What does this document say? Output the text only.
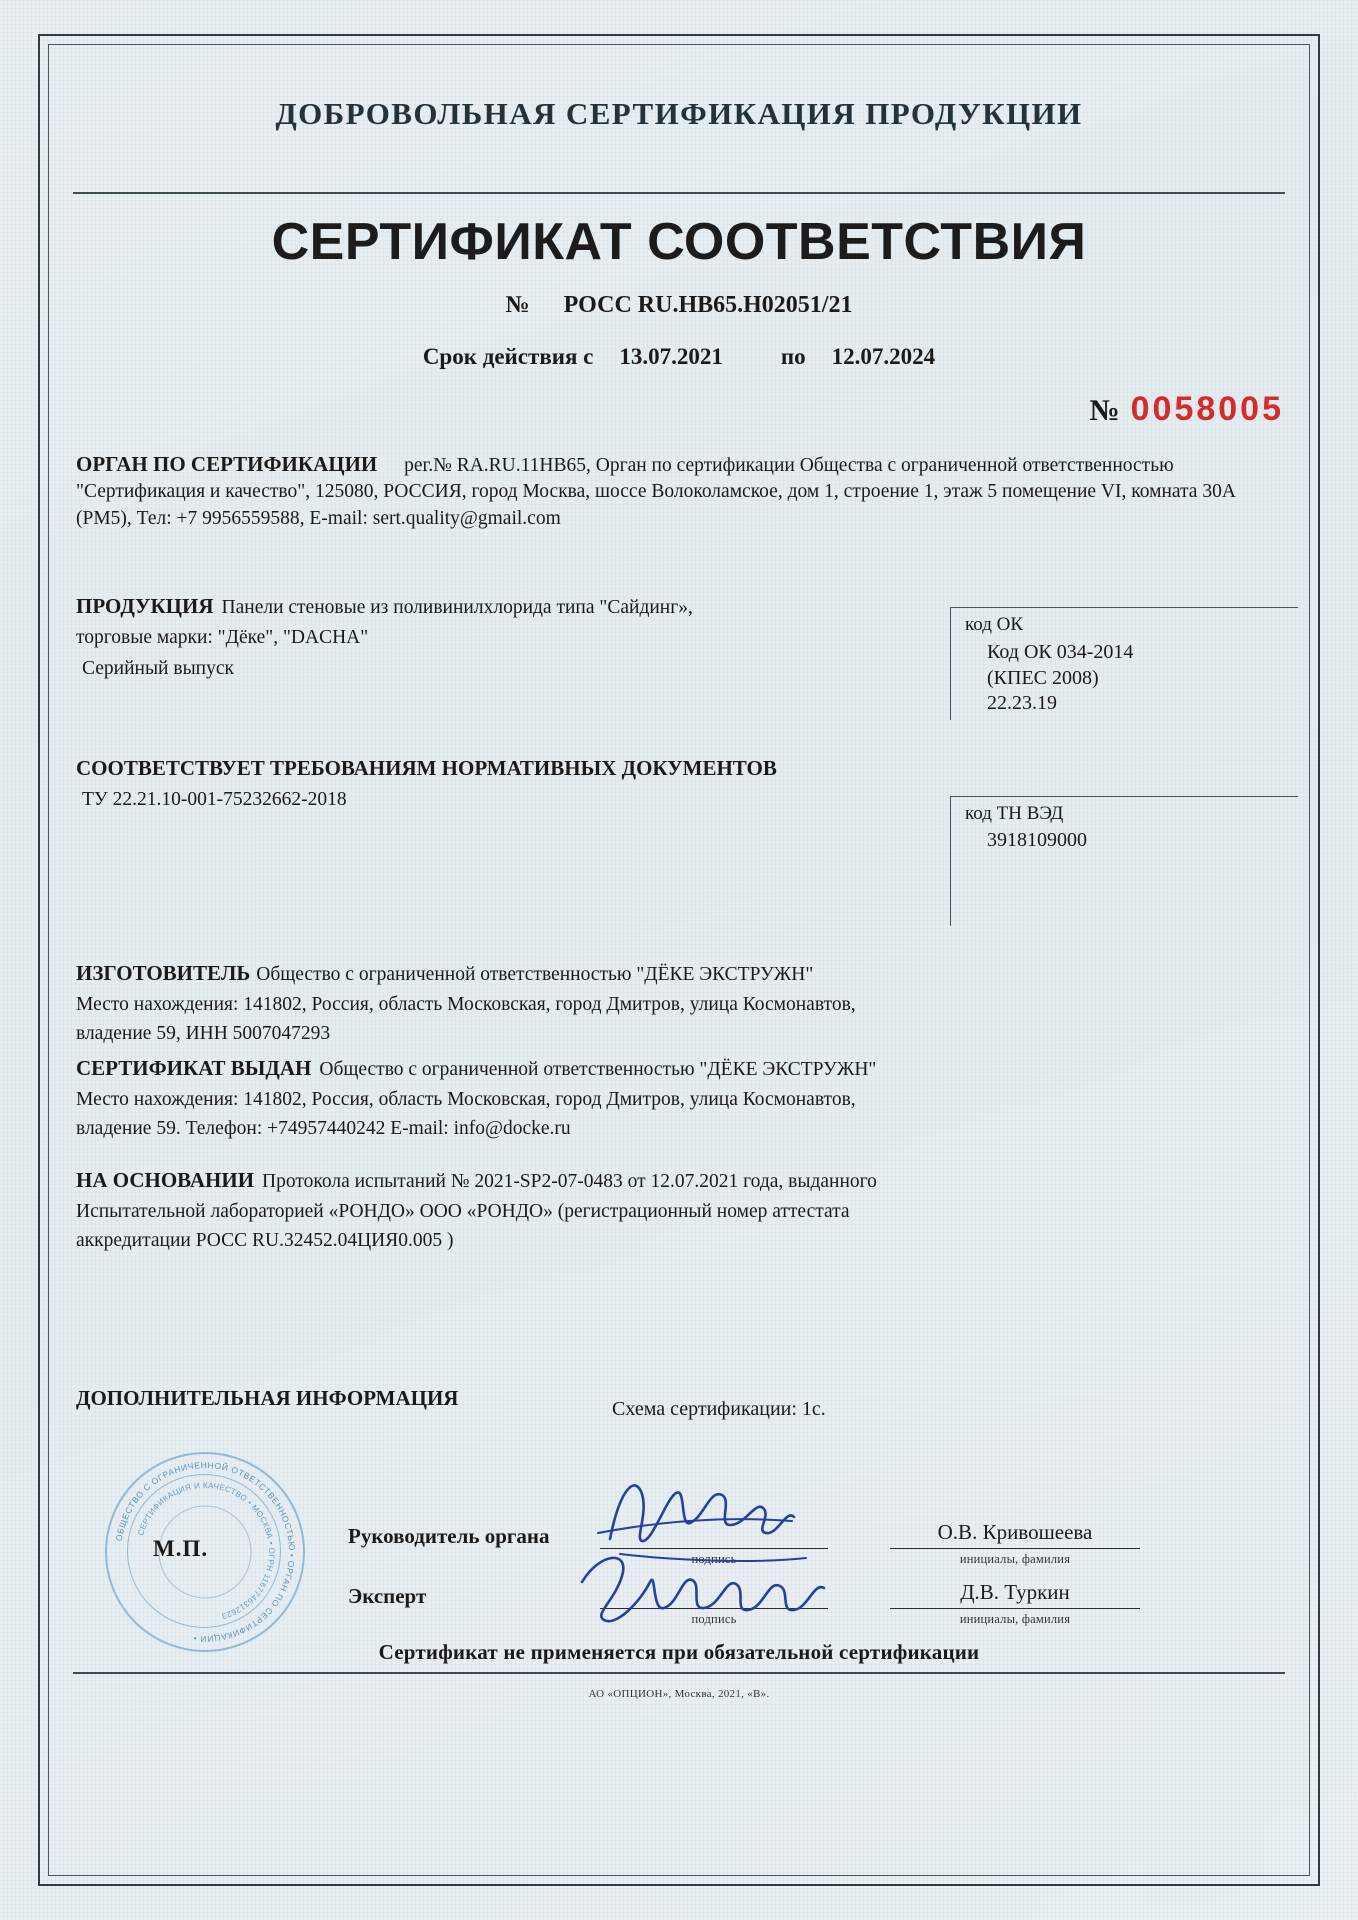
ДОБРОВОЛЬНАЯ СЕРТИФИКАЦИЯ ПРОДУКЦИИ
СЕРТИФИКАТ СООТВЕТСТВИЯ
№ РОСС RU.НВ65.Н02051/21
Срок действия с 13.07.2021	по 12.07.2024
№ 0058005
ОРГАН ПО СЕРТИФИКАЦИИ рег.№ RA.RU.11НВ65, Орган по сертификации Общества с ограниченной ответственностью "Сертификация и качество", 125080, РОССИЯ, город Москва, шоссе Волоколамское, дом 1, строение 1, этаж 5 помещение VI, комната 30А (РМ5), Тел: +7 9956559588, E-mail: sert.quality@gmail.com
ПРОДУКЦИЯ Панели стеновые из поливинилхлорида типа "Сайдинг»,
торговые марки: "Дёке", "DACHA"
Серийный выпуск
код ОК
Код ОК 034-2014
(КПЕС 2008)
22.23.19
СООТВЕТСТВУЕТ ТРЕБОВАНИЯМ НОРМАТИВНЫХ ДОКУМЕНТОВ
ТУ 22.21.10-001-75232662-2018
код ТН ВЭД
3918109000
ИЗГОТОВИТЕЛЬ Общество с ограниченной ответственностью "ДЁКЕ ЭКСТРУЖН"
Место нахождения: 141802, Россия, область Московская, город Дмитров, улица Космонавтов,
владение 59, ИНН 5007047293
СЕРТИФИКАТ ВЫДАН Общество с ограниченной ответственностью "ДЁКЕ ЭКСТРУЖН"
Место нахождения: 141802, Россия, область Московская, город Дмитров, улица Космонавтов,
владение 59. Телефон: +74957440242 E-mail: info@docke.ru
НА ОСНОВАНИИ Протокола испытаний № 2021-SP2-07-0483 от 12.07.2021 года, выданного
Испытательной лабораторией «РОНДО» ООО «РОНДО» (регистрационный номер аттестата
аккредитации РОСС RU.32452.04ЦИЯ0.005 )
ДОПОЛНИТЕЛЬНАЯ ИНФОРМАЦИЯ	Схема сертификации: 1с.
ОБЩЕСТВО С ОГРАНИЧЕННОЙ ОТВЕТСТВЕННОСТЬЮ • ОРГАН ПО СЕРТИФИКАЦИИ •
СЕРТИФИКАЦИЯ И КАЧЕСТВО • МОСКВА • ОГРН 1167746312623
М.П.	Руководитель органа
подпись
О.В. Кривошеева
инициалы, фамилия
Эксперт
подпись
Д.В. Туркин
инициалы, фамилия
Сертификат не применяется при обязательной сертификации
АО «ОПЦИОН», Москва, 2021, «В».
